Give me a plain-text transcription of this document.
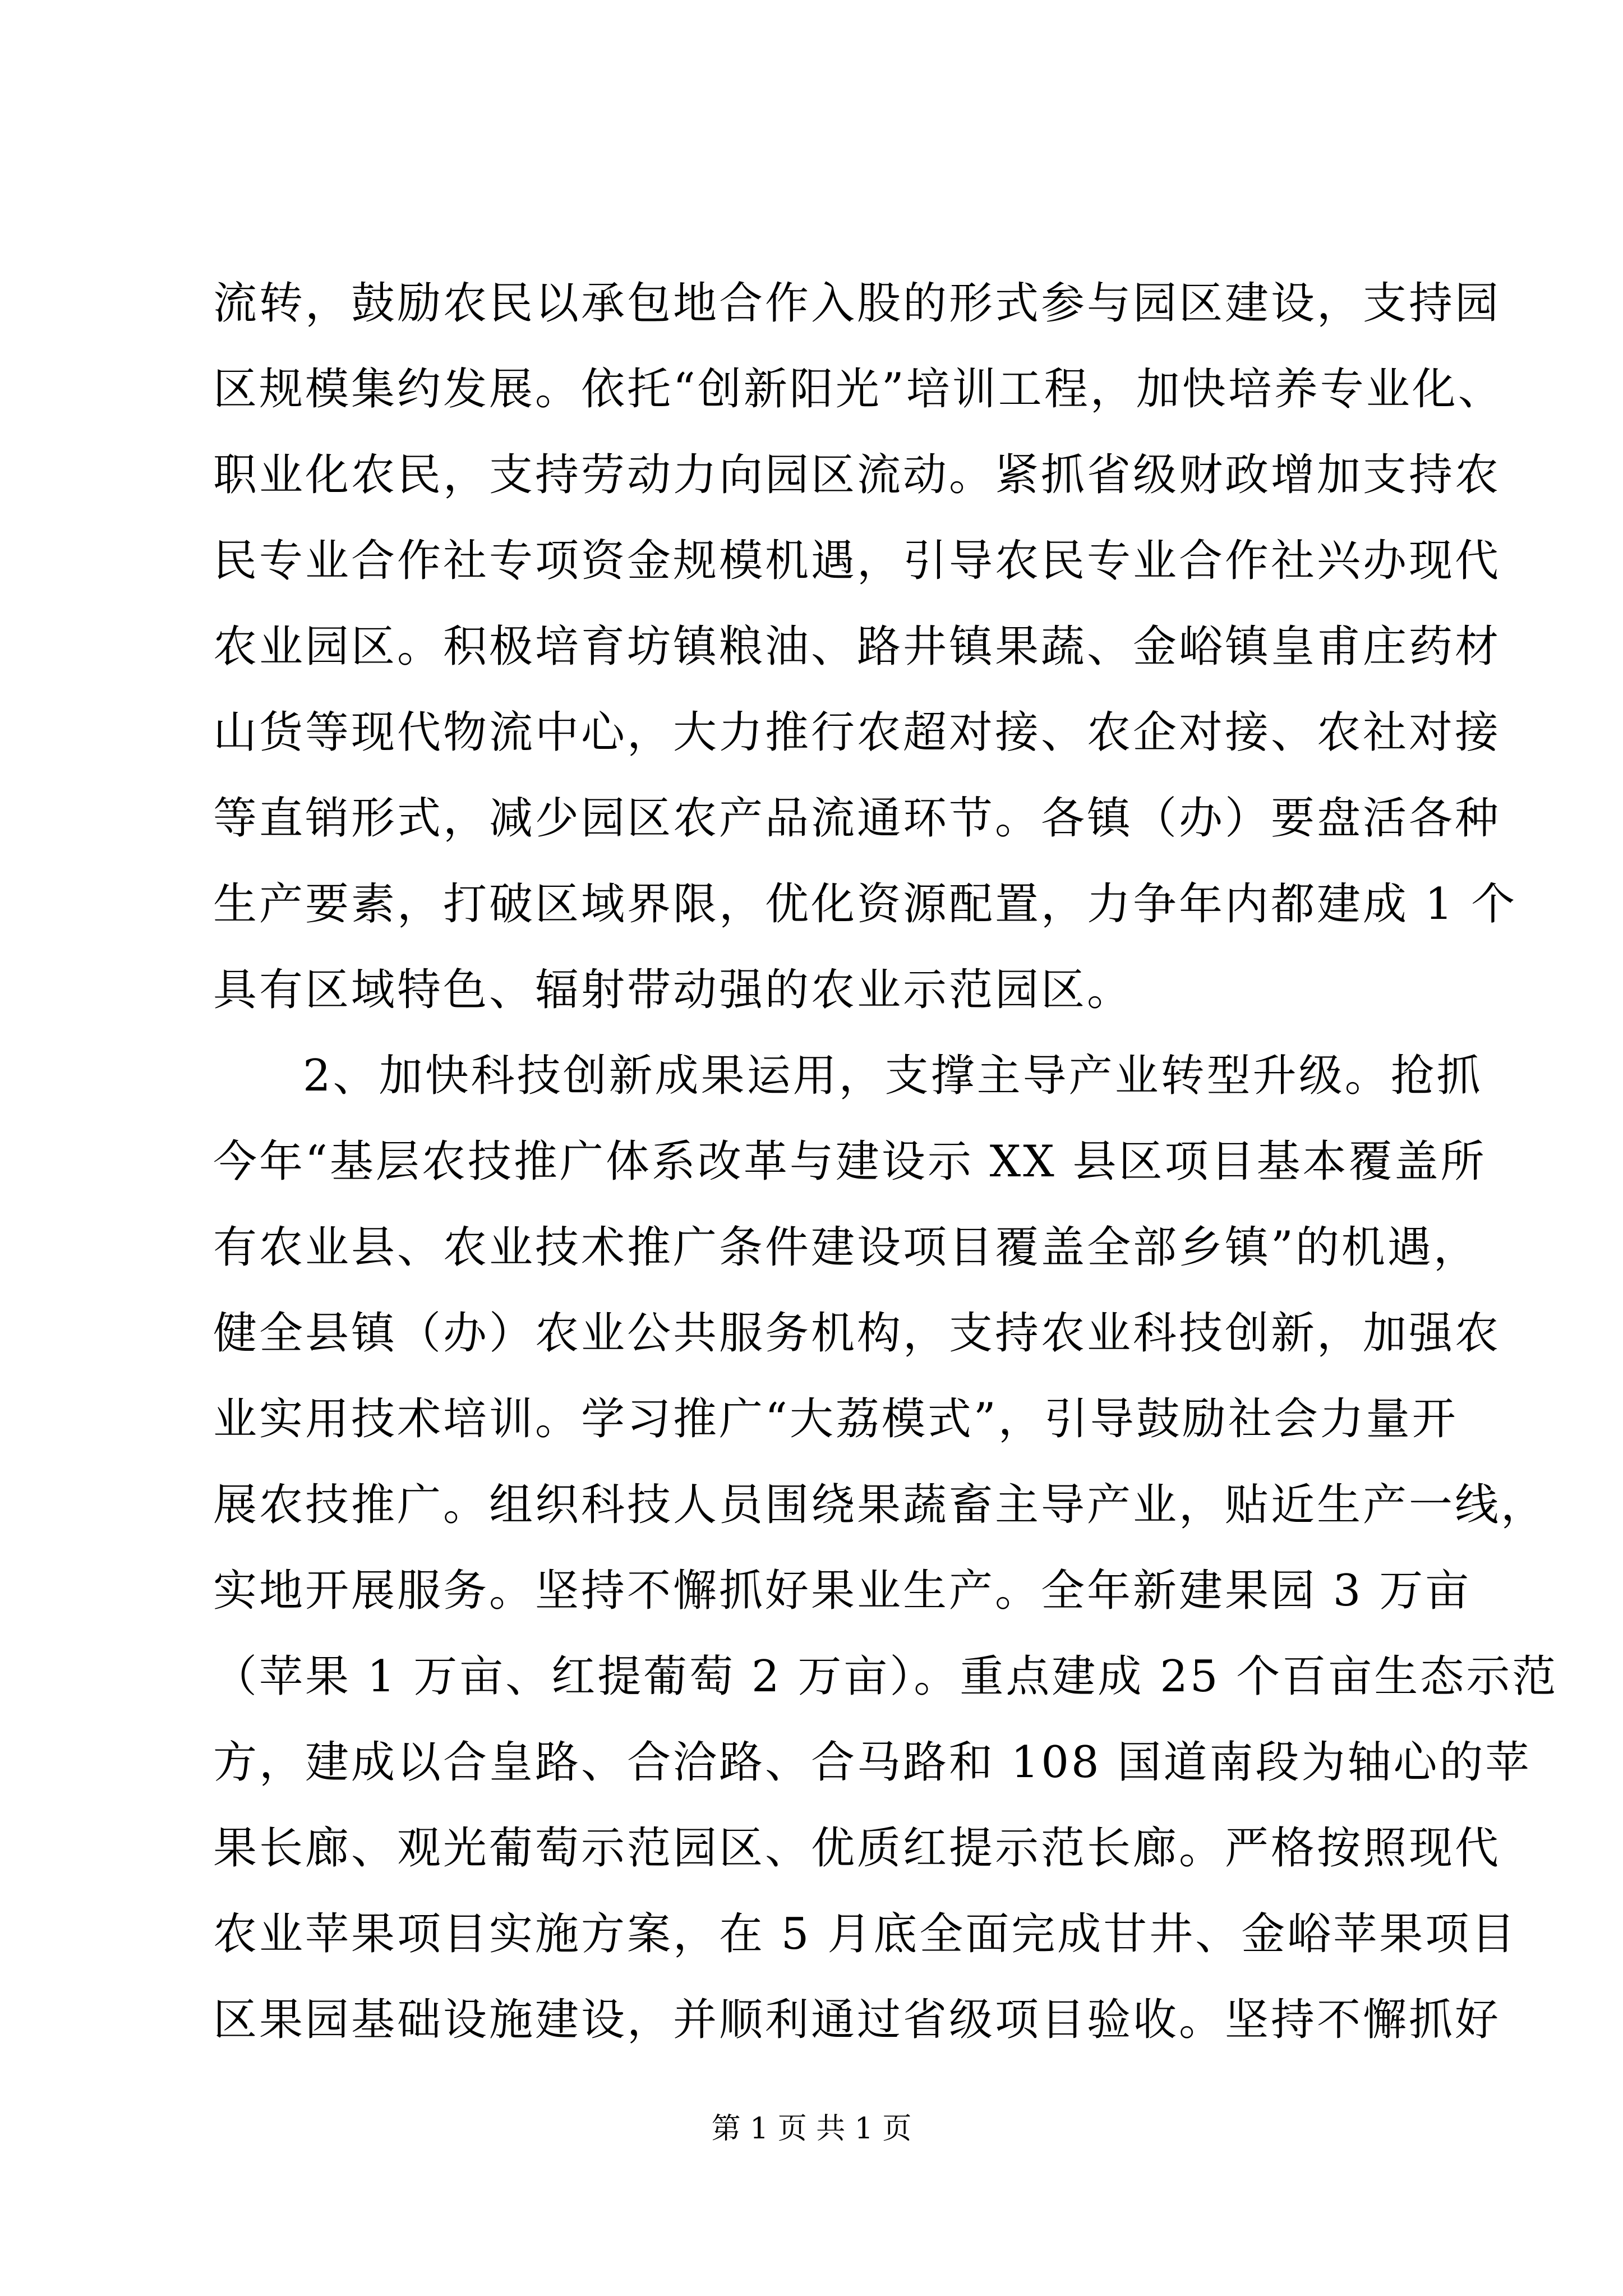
流转，鼓励农民以承包地合作入股的形式参与园区建设，支持园
区规模集约发展。依托“创新阳光”培训工程，加快培养专业化、
职业化农民，支持劳动力向园区流动。紧抓省级财政增加支持农
民专业合作社专项资金规模机遇，引导农民专业合作社兴办现代
农业园区。积极培育坊镇粮油、路井镇果蔬、金峪镇皇甫庄药材
山货等现代物流中心，大力推行农超对接、农企对接、农社对接
等直销形式，减少园区农产品流通环节。各镇（办）要盘活各种
生产要素，打破区域界限，优化资源配置，力争年内都建成 1 个
具有区域特色、辐射带动强的农业示范园区。
2、加快科技创新成果运用，支撑主导产业转型升级。抢抓
今年“基层农技推广体系改革与建设示 XX 县区项目基本覆盖所
有农业县、农业技术推广条件建设项目覆盖全部乡镇”的机遇，
健全县镇（办）农业公共服务机构，支持农业科技创新，加强农
业实用技术培训。学习推广“大荔模式”，引导鼓励社会力量开
展农技推广。组织科技人员围绕果蔬畜主导产业，贴近生产一线，
实地开展服务。坚持不懈抓好果业生产。全年新建果园 3 万亩
（苹果 1 万亩、红提葡萄 2 万亩）。重点建成 25 个百亩生态示范
方，建成以合皇路、合洽路、合马路和 108 国道南段为轴心的苹
果长廊、观光葡萄示范园区、优质红提示范长廊。严格按照现代
农业苹果项目实施方案，在 5 月底全面完成甘井、金峪苹果项目
区果园基础设施建设，并顺利通过省级项目验收。坚持不懈抓好
第 1 页 共 1 页
